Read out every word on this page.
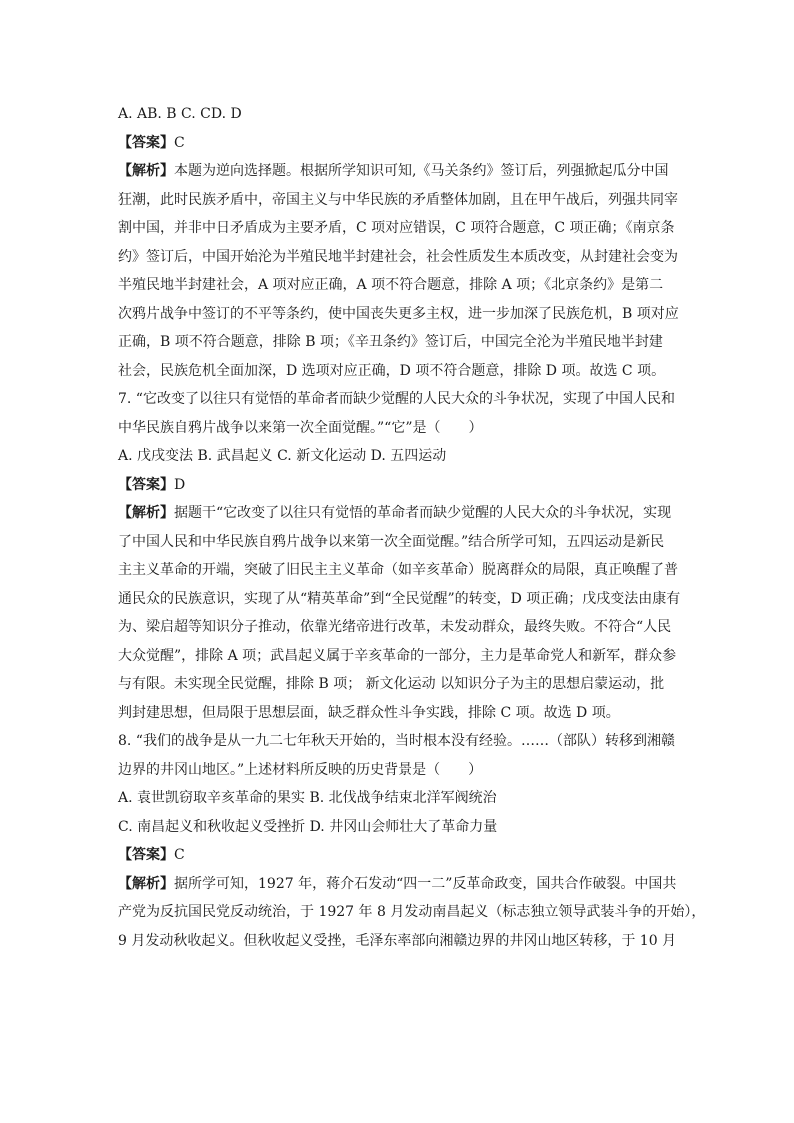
A. AB. B C. CD. D
【答案】C
【解析】本题为逆向选择题。根据所学知识可知,《马关条约》签订后，列强掀起瓜分中国
狂潮，此时民族矛盾中，帝国主义与中华民族的矛盾整体加剧，且在甲午战后，列强共同宰
割中国，并非中日矛盾成为主要矛盾，C 项对应错误，C 项符合题意，C 项正确；《南京条
约》签订后，中国开始沦为半殖民地半封建社会，社会性质发生本质改变，从封建社会变为
半殖民地半封建社会，A 项对应正确，A 项不符合题意，排除 A 项；《北京条约》是第二
次鸦片战争中签订的不平等条约，使中国丧失更多主权，进一步加深了民族危机，B 项对应
正确，B 项不符合题意，排除 B 项；《辛丑条约》签订后，中国完全沦为半殖民地半封建
社会，民族危机全面加深，D 选项对应正确，D 项不符合题意，排除 D 项。故选 C 项。
7. “它改变了以往只有觉悟的革命者而缺少觉醒的人民大众的斗争状况，实现了中国人民和
中华民族自鸦片战争以来第一次全面觉醒。”“它”是（　　）
A. 戊戌变法 B. 武昌起义 C. 新文化运动 D. 五四运动
【答案】D
【解析】据题干“它改变了以往只有觉悟的革命者而缺少觉醒的人民大众的斗争状况，实现
了中国人民和中华民族自鸦片战争以来第一次全面觉醒。”结合所学可知，五四运动是新民
主主义革命的开端，突破了旧民主主义革命（如辛亥革命）脱离群众的局限，真正唤醒了普
通民众的民族意识，实现了从“精英革命”到“全民觉醒”的转变，D 项正确；戊戌变法由康有
为、梁启超等知识分子推动，依靠光绪帝进行改革，未发动群众，最终失败。不符合“人民
大众觉醒”，排除 A 项；武昌起义属于辛亥革命的一部分，主力是革命党人和新军，群众参
与有限。未实现全民觉醒，排除 B 项； 新文化运动 以知识分子为主的思想启蒙运动，批
判封建思想，但局限于思想层面，缺乏群众性斗争实践，排除 C 项。故选 D 项。
8. “我们的战争是从一九二七年秋天开始的，当时根本没有经验。……（部队）转移到湘赣
边界的井冈山地区。”上述材料所反映的历史背景是（　　）
A. 袁世凯窃取辛亥革命的果实 B. 北伐战争结束北洋军阀统治
C. 南昌起义和秋收起义受挫折 D. 井冈山会师壮大了革命力量
【答案】C
【解析】据所学可知，1927 年，蒋介石发动“四一二”反革命政变，国共合作破裂。中国共
产党为反抗国民党反动统治，于 1927 年 8 月发动南昌起义（标志独立领导武装斗争的开始），
9 月发动秋收起义。但秋收起义受挫，毛泽东率部向湘赣边界的井冈山地区转移，于 10 月
